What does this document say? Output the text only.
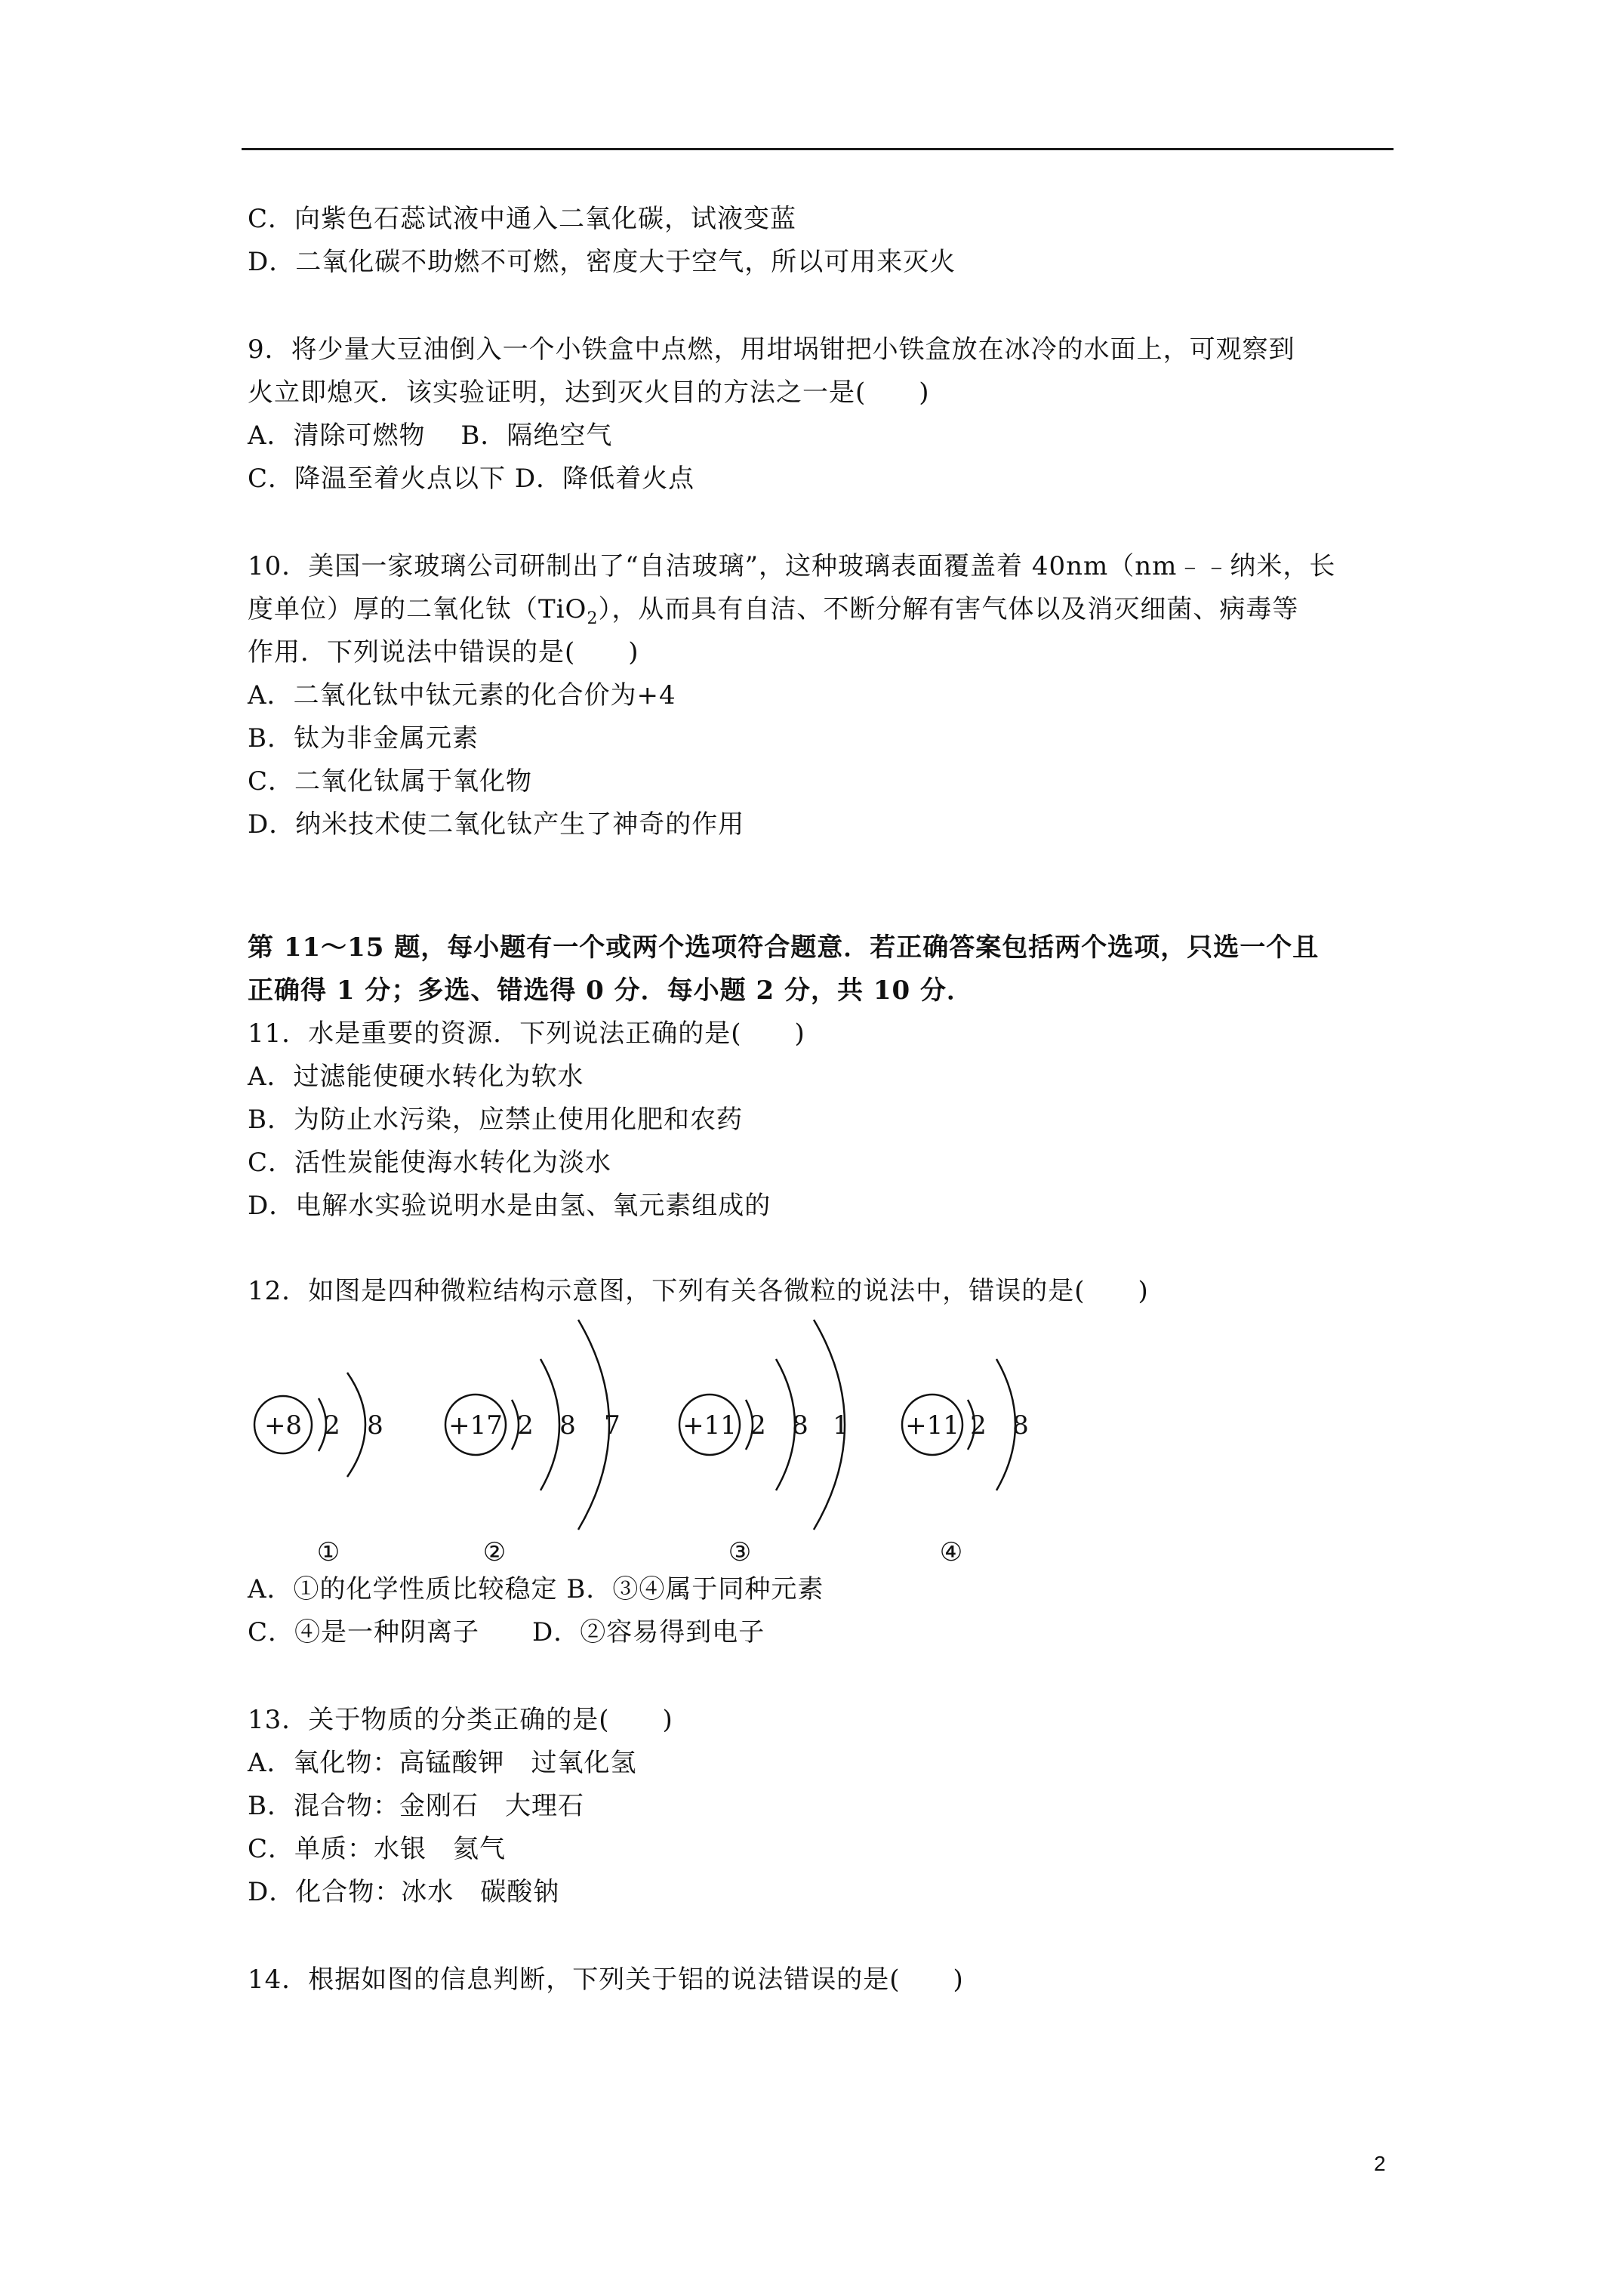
C．向紫色石蕊试液中通入二氧化碳，试液变蓝
D．二氧化碳不助燃不可燃，密度大于空气，所以可用来灭火
9．将少量大豆油倒入一个小铁盒中点燃，用坩埚钳把小铁盒放在冰冷的水面上，可观察到
火立即熄灭．该实验证明，达到灭火目的方法之一是(　　)
A．清除可燃物　 B．隔绝空气
C．降温至着火点以下 D．降低着火点
10．美国一家玻璃公司研制出了“自洁玻璃”，这种玻璃表面覆盖着 40nm（nm﹣﹣纳米，长
度单位）厚的二氧化钛（TiO$_2$），从而具有自洁、不断分解有害气体以及消灭细菌、病毒等
作用．下列说法中错误的是(　　)
A．二氧化钛中钛元素的化合价为+4
B．钛为非金属元素
C．二氧化钛属于氧化物
D．纳米技术使二氧化钛产生了神奇的作用
第 11～15 题，每小题有一个或两个选项符合题意．若正确答案包括两个选项，只选一个且
正确得 1 分；多选、错选得 0 分．每小题 2 分，共 10 分．
11．水是重要的资源．下列说法正确的是(　　)
A．过滤能使硬水转化为软水
B．为防止水污染，应禁止使用化肥和农药
C．活性炭能使海水转化为淡水
D．电解水实验说明水是由氢、氧元素组成的
12．如图是四种微粒结构示意图，下列有关各微粒的说法中，错误的是(　　)
+8 2 8
①
+17 2 8 7
②
+11 2 8 1
③
+11 2 8
④
A．①的化学性质比较稳定 B．③④属于同种元素
C．④是一种阴离子　　D．②容易得到电子
13．关于物质的分类正确的是(　　)
A．氧化物：高锰酸钾　过氧化氢
B．混合物：金刚石　大理石
C．单质：水银　氦气
D．化合物：冰水　碳酸钠
14．根据如图的信息判断，下列关于铝的说法错误的是(　　)
2
